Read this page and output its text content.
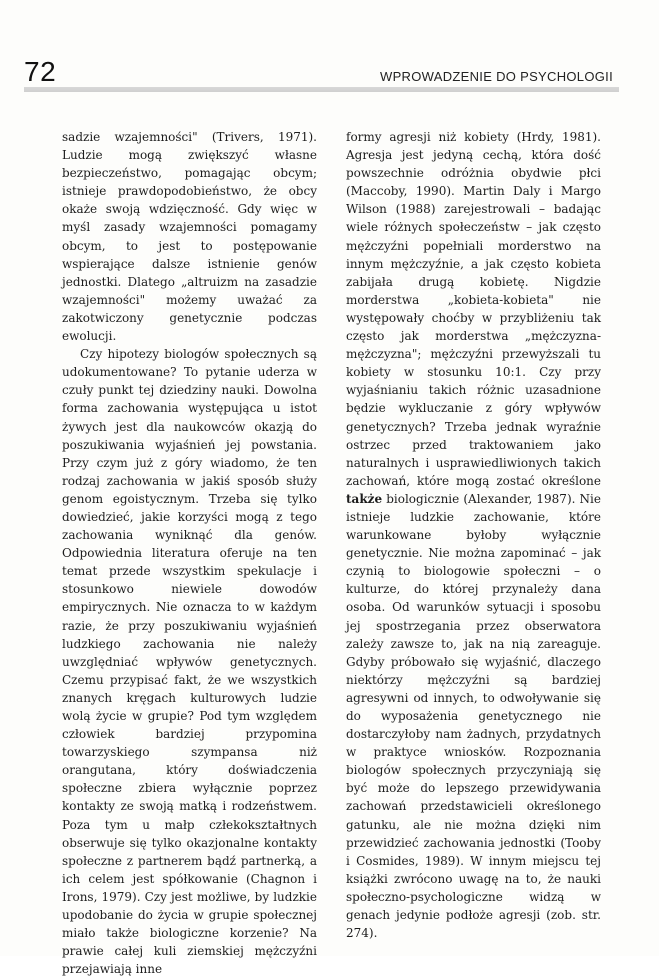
72	WPROWADZENIE DO PSYCHOLOGII

sadzie wzajemności" (Trivers, 1971). Ludzie mogą zwiększyć własne bezpieczeństwo, pomagając obcym; istnieje prawdopodobieństwo, że obcy okaże swoją wdzięczność. Gdy więc w myśl zasady wzajemności pomagamy obcym, to jest to postępowanie wspierające dalsze istnienie genów jednostki. Dlatego „altruizm na zasadzie wzajemności" możemy uważać za zakotwiczony genetycznie podczas ewolucji.

Czy hipotezy biologów społecznych są udokumentowane? To pytanie uderza w czuły punkt tej dziedziny nauki. Dowolna forma zachowania występująca u istot żywych jest dla naukowców okazją do poszukiwania wyjaśnień jej powstania. Przy czym już z góry wiadomo, że ten rodzaj zachowania w jakiś sposób służy genom egoistycznym. Trzeba się tylko dowiedzieć, jakie korzyści mogą z tego zachowania wyniknąć dla genów. Odpowiednia literatura oferuje na ten temat przede wszystkim spekulacje i stosunkowo niewiele dowodów empirycznych. Nie oznacza to w każdym razie, że przy poszukiwaniu wyjaśnień ludzkiego zachowania nie należy uwzględniać wpływów genetycznych. Czemu przypisać fakt, że we wszystkich znanych kręgach kulturowych ludzie wolą życie w grupie? Pod tym względem człowiek bardziej przypomina towarzyskiego szympansa niż orangutana, który doświadczenia społeczne zbiera wyłącznie poprzez kontakty ze swoją matką i rodzeństwem. Poza tym u małp człekokształtnych obserwuje się tylko okazjonalne kontakty społeczne z partnerem bądź partnerką, a ich celem jest spółkowanie (Chagnon i Irons, 1979). Czy jest możliwe, by ludzkie upodobanie do życia w grupie społecznej miało także biologiczne korzenie? Na prawie całej kuli ziemskiej mężczyźni przejawiają inne

formy agresji niż kobiety (Hrdy, 1981). Agresja jest jedyną cechą, która dość powszechnie odróżnia obydwie płci (Maccoby, 1990). Martin Daly i Margo Wilson (1988) zarejestrowali – badając wiele różnych społeczeństw – jak często mężczyźni popełniali morderstwo na innym mężczyźnie, a jak często kobieta zabijała drugą kobietę. Nigdzie morderstwa „kobieta-kobieta" nie występowały choćby w przybliżeniu tak często jak morderstwa „mężczyzna-mężczyzna"; mężczyźni przewyższali tu kobiety w stosunku 10:1. Czy przy wyjaśnianiu takich różnic uzasadnione będzie wykluczanie z góry wpływów genetycznych? Trzeba jednak wyraźnie ostrzec przed traktowaniem jako naturalnych i usprawiedliwionych takich zachowań, które mogą zostać określone także biologicznie (Alexander, 1987). Nie istnieje ludzkie zachowanie, które warunkowane byłoby wyłącznie genetycznie. Nie można zapominać – jak czynią to biologowie społeczni – o kulturze, do której przynależy dana osoba. Od warunków sytuacji i sposobu jej spostrzegania przez obserwatora zależy zawsze to, jak na nią zareaguje. Gdyby próbowało się wyjaśnić, dlaczego niektórzy mężczyźni są bardziej agresywni od innych, to odwoływanie się do wyposażenia genetycznego nie dostarczyłoby nam żadnych, przydatnych w praktyce wniosków. Rozpoznania biologów społecznych przyczyniają się być może do lepszego przewidywania zachowań przedstawicieli określonego gatunku, ale nie można dzięki nim przewidzieć zachowania jednostki (Tooby i Cosmides, 1989). W innym miejscu tej książki zwrócono uwagę na to, że nauki społeczno-psychologiczne widzą w genach jedynie podłoże agresji (zob. str. 274).
